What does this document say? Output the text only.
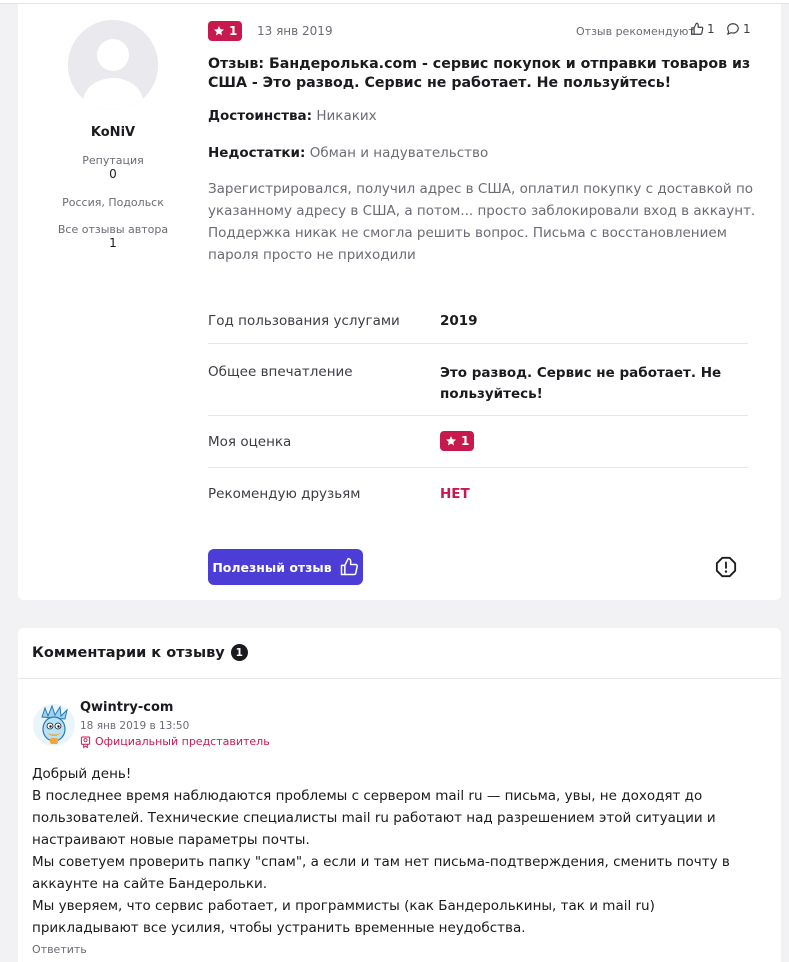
KoNiV
Репутация
0
Россия, Подольск
Все отзывы автора
1
1 13 янв 2019	Отзыв рекомендуют 1 1
Отзыв: Бандеролька.com - сервис покупок и отправки товаров из США - Это развод. Сервис не работает. Не пользуйтесь!
Достоинства: Никаких
Недостатки: Обман и надувательство
Зарегистрировался, получил адрес в США, оплатил покупку с доставкой по указанному адресу в США, а потом... просто заблокировали вход в аккаунт. Поддержка никак не смогла решить вопрос. Письма с восстановлением пароля просто не приходили
Год пользования услугами	2019
Общее впечатление	Это развод. Сервис не работает. Не пользуйтесь!
Моя оценка	1
Рекомендую друзьям	НЕТ
Полезный отзыв
Комментарии к отзыву	1
Qwintry-com
18 янв 2019 в 13:50
Официальный представитель

Добрый день!

В последнее время наблюдаются проблемы с сервером mail ru — письма, увы, не доходят до пользователей. Технические специалисты mail ru работают над разрешением этой ситуации и настраивают новые параметры почты.

Мы советуем проверить папку "спам", а если и там нет письма-подтверждения, сменить почту в аккаунте на сайте Бандерольки.

Мы уверяем, что сервис работает, и программисты (как Бандеролькины, так и mail ru) прикладывают все усилия, чтобы устранить временные неудобства.

Ответить
